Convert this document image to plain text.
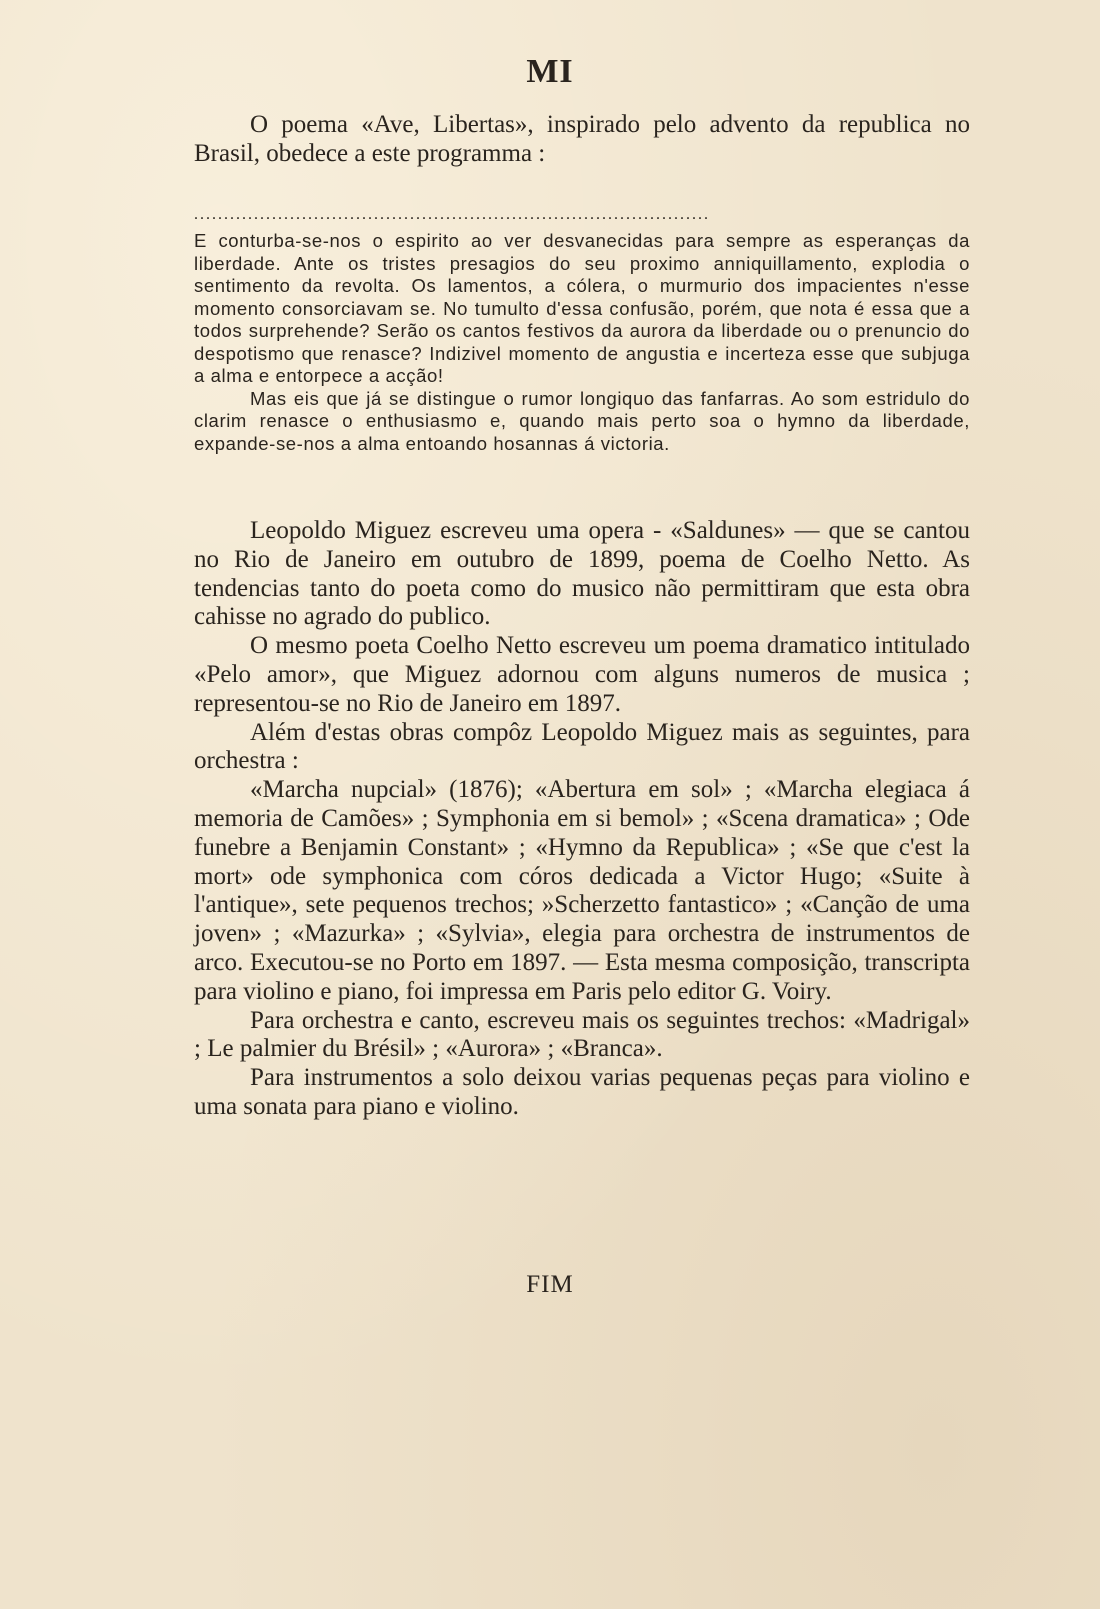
MI

O poema «Ave, Libertas», inspirado pelo advento da republica no Brasil, obedece a este programma :

......................................................................................

E conturba-se-nos o espirito ao ver desvanecidas para sempre as esperanças da liberdade. Ante os tristes presagios do seu proximo anniquillamento, explodia o sentimento da revolta. Os lamentos, a cólera, o murmurio dos impacientes n'esse momento consorciavam se. No tumulto d'essa confusão, porém, que nota é essa que a todos surprehende? Serão os cantos festivos da aurora da liberdade ou o prenuncio do despotismo que renasce? Indizivel momento de angustia e incerteza esse que subjuga a alma e entorpece a acção!

Mas eis que já se distingue o rumor longiquo das fanfarras. Ao som estridulo do clarim renasce o enthusiasmo e, quando mais perto soa o hymno da liberdade, expande-se-nos a alma entoando hosannas á victoria.

Leopoldo Miguez escreveu uma opera - «Saldunes» — que se cantou no Rio de Janeiro em outubro de 1899, poema de Coelho Netto. As tendencias tanto do poeta como do musico não permittiram que esta obra cahisse no agrado do publico.

O mesmo poeta Coelho Netto escreveu um poema dramatico intitulado «Pelo amor», que Miguez adornou com alguns numeros de musica ; representou-se no Rio de Janeiro em 1897.

Além d'estas obras compôz Leopoldo Miguez mais as seguintes, para orchestra :

«Marcha nupcial» (1876); «Abertura em sol» ; «Marcha elegiaca á memoria de Camões» ; Symphonia em si bemol» ; «Scena dramatica» ; Ode funebre a Benjamin Constant» ; «Hymno da Republica» ; «Se que c'est la mort» ode symphonica com córos dedicada a Victor Hugo; «Suite à l'antique», sete pequenos trechos; »Scherzetto fantastico» ; «Canção de uma joven» ; «Mazurka» ; «Sylvia», elegia para orchestra de instrumentos de arco. Executou-se no Porto em 1897. — Esta mesma composição, transcripta para violino e piano, foi impressa em Paris pelo editor G. Voiry.

Para orchestra e canto, escreveu mais os seguintes trechos: «Madrigal» ; Le palmier du Brésil» ; «Aurora» ; «Branca».

Para instrumentos a solo deixou varias pequenas peças para violino e uma sonata para piano e violino.

FIM
